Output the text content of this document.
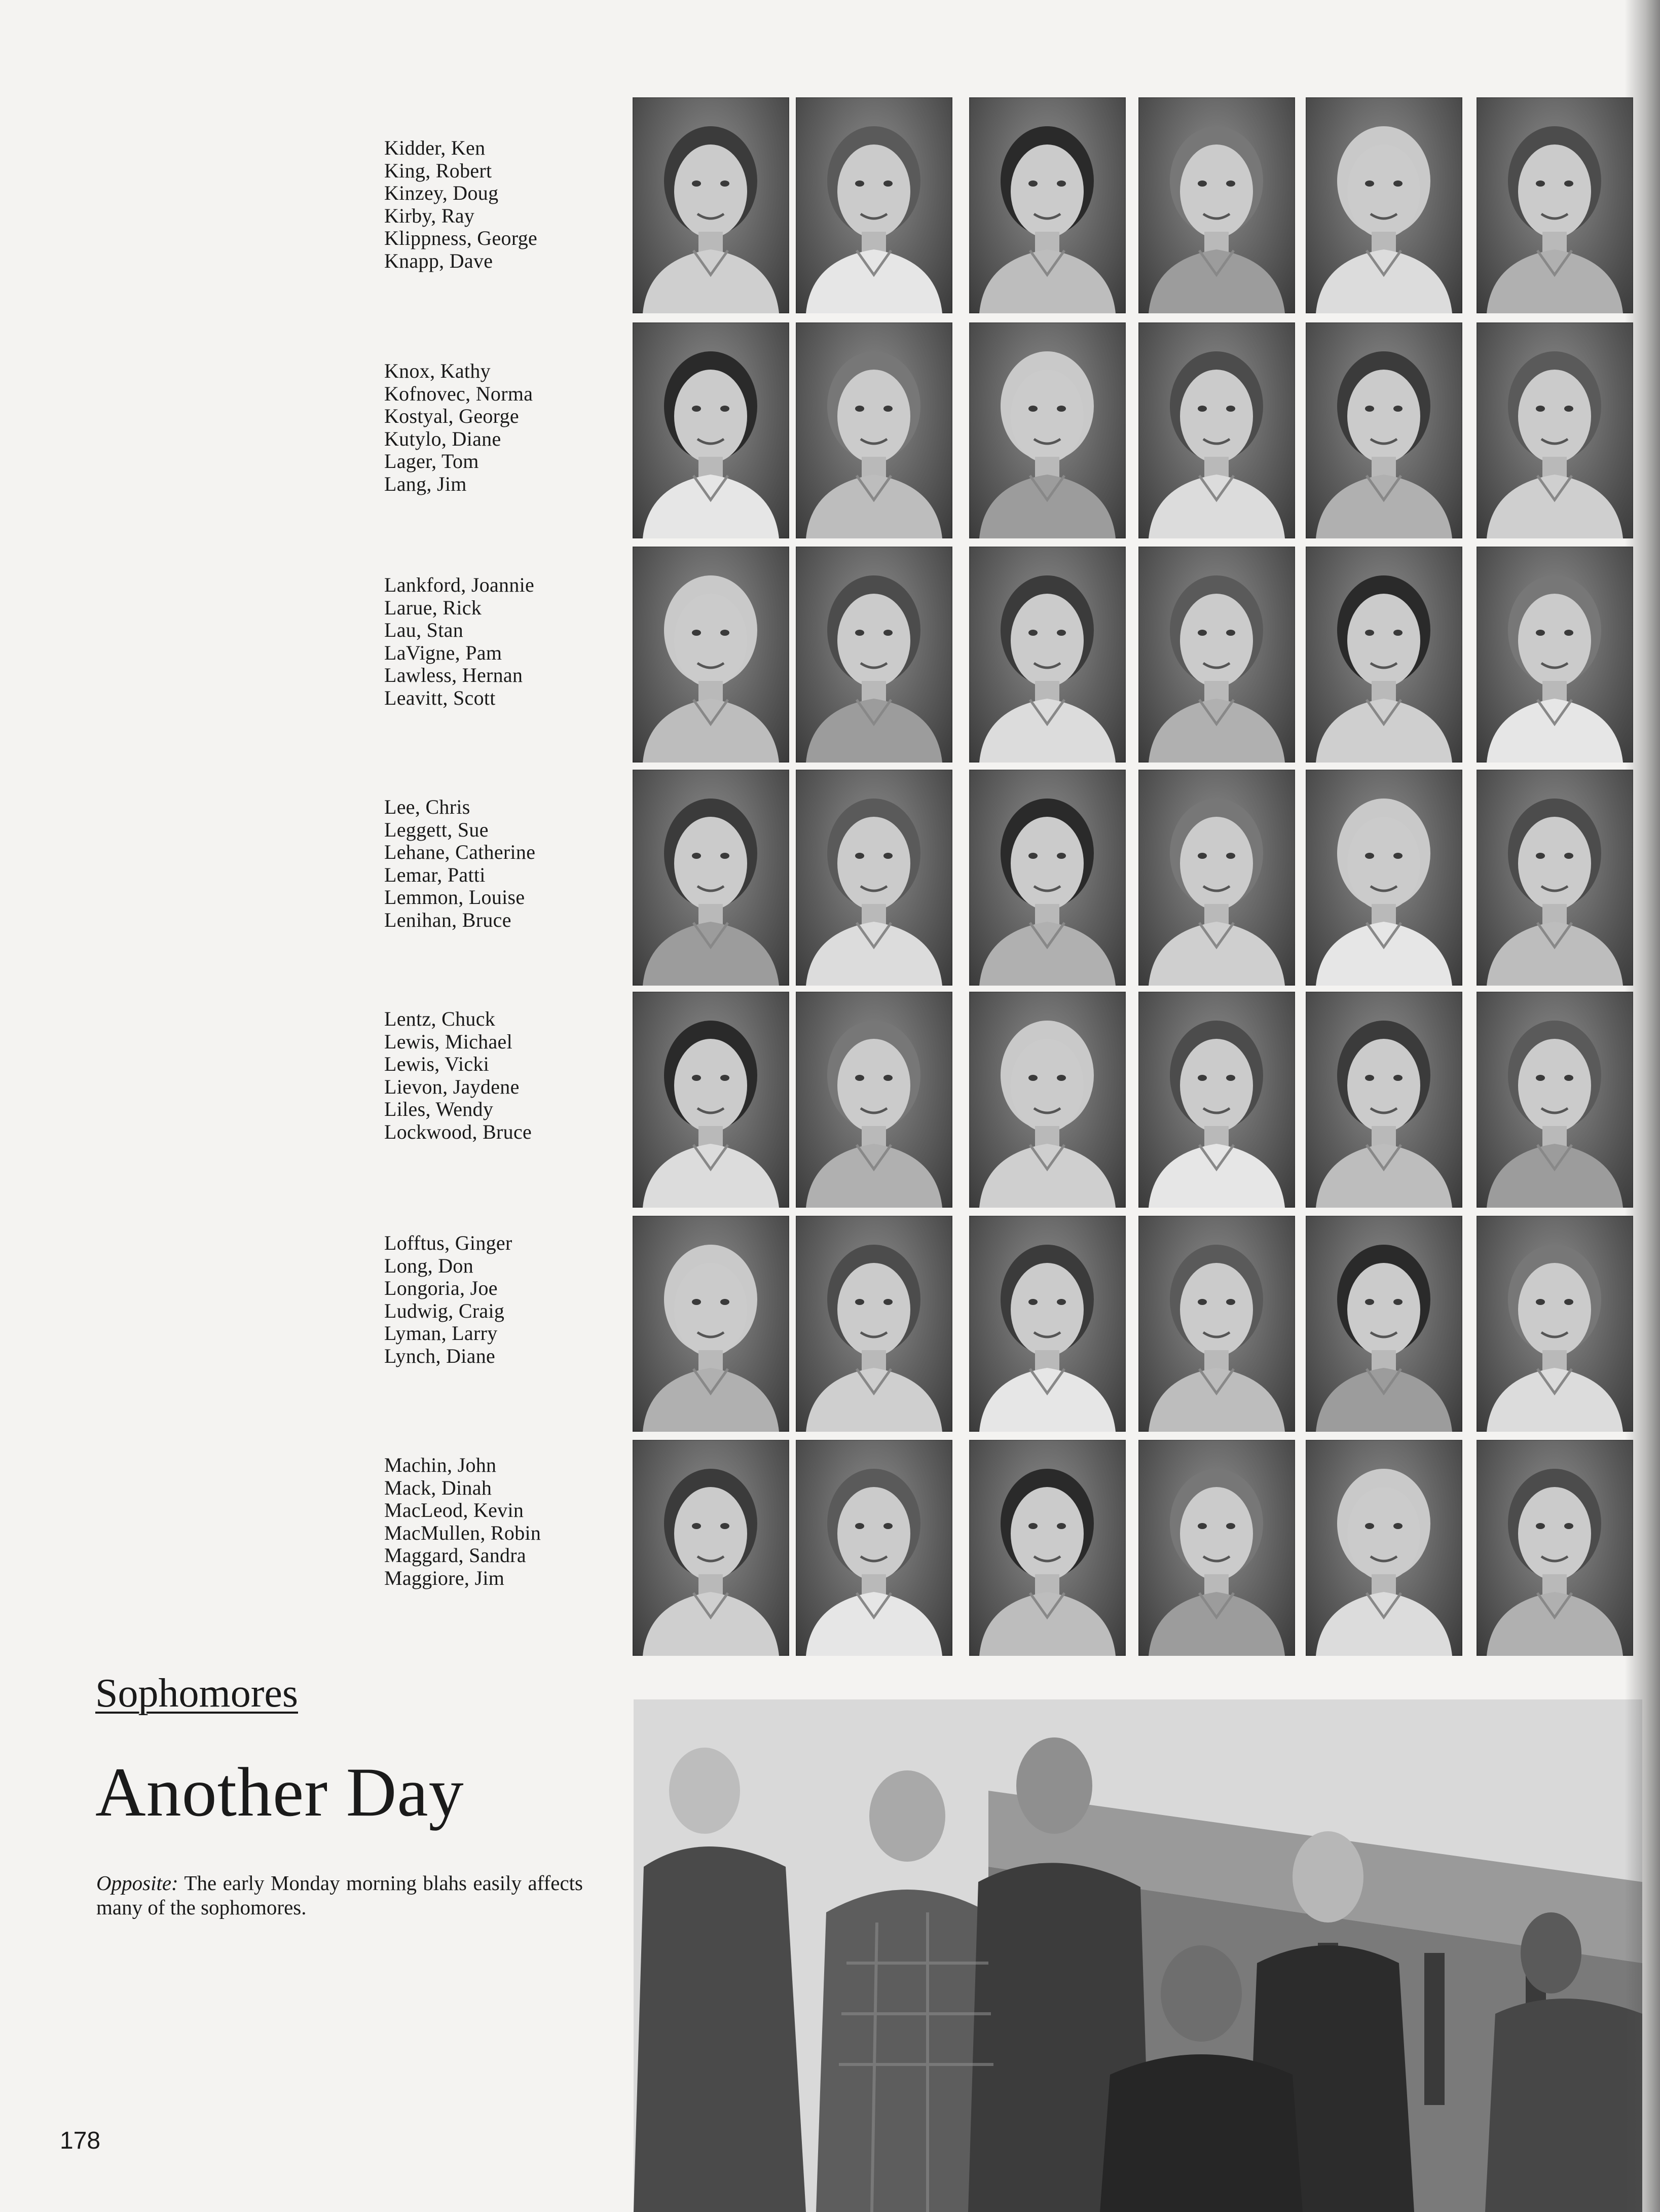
Kidder, Ken
King, Robert
Kinzey, Doug
Kirby, Ray
Klippness, George
Knapp, Dave
Knox, Kathy
Kofnovec, Norma
Kostyal, George
Kutylo, Diane
Lager, Tom
Lang, Jim
Lankford, Joannie
Larue, Rick
Lau, Stan
LaVigne, Pam
Lawless, Hernan
Leavitt, Scott
Lee, Chris
Leggett, Sue
Lehane, Catherine
Lemar, Patti
Lemmon, Louise
Lenihan, Bruce
Lentz, Chuck
Lewis, Michael
Lewis, Vicki
Lievon, Jaydene
Liles, Wendy
Lockwood, Bruce
Lofftus, Ginger
Long, Don
Longoria, Joe
Ludwig, Craig
Lyman, Larry
Lynch, Diane
Machin, John
Mack, Dinah
MacLeod, Kevin
MacMullen, Robin
Maggard, Sandra
Maggiore, Jim
Sophomores
Another Day
Opposite: The early Monday morning blahs easily affects many of the sophomores.
178
